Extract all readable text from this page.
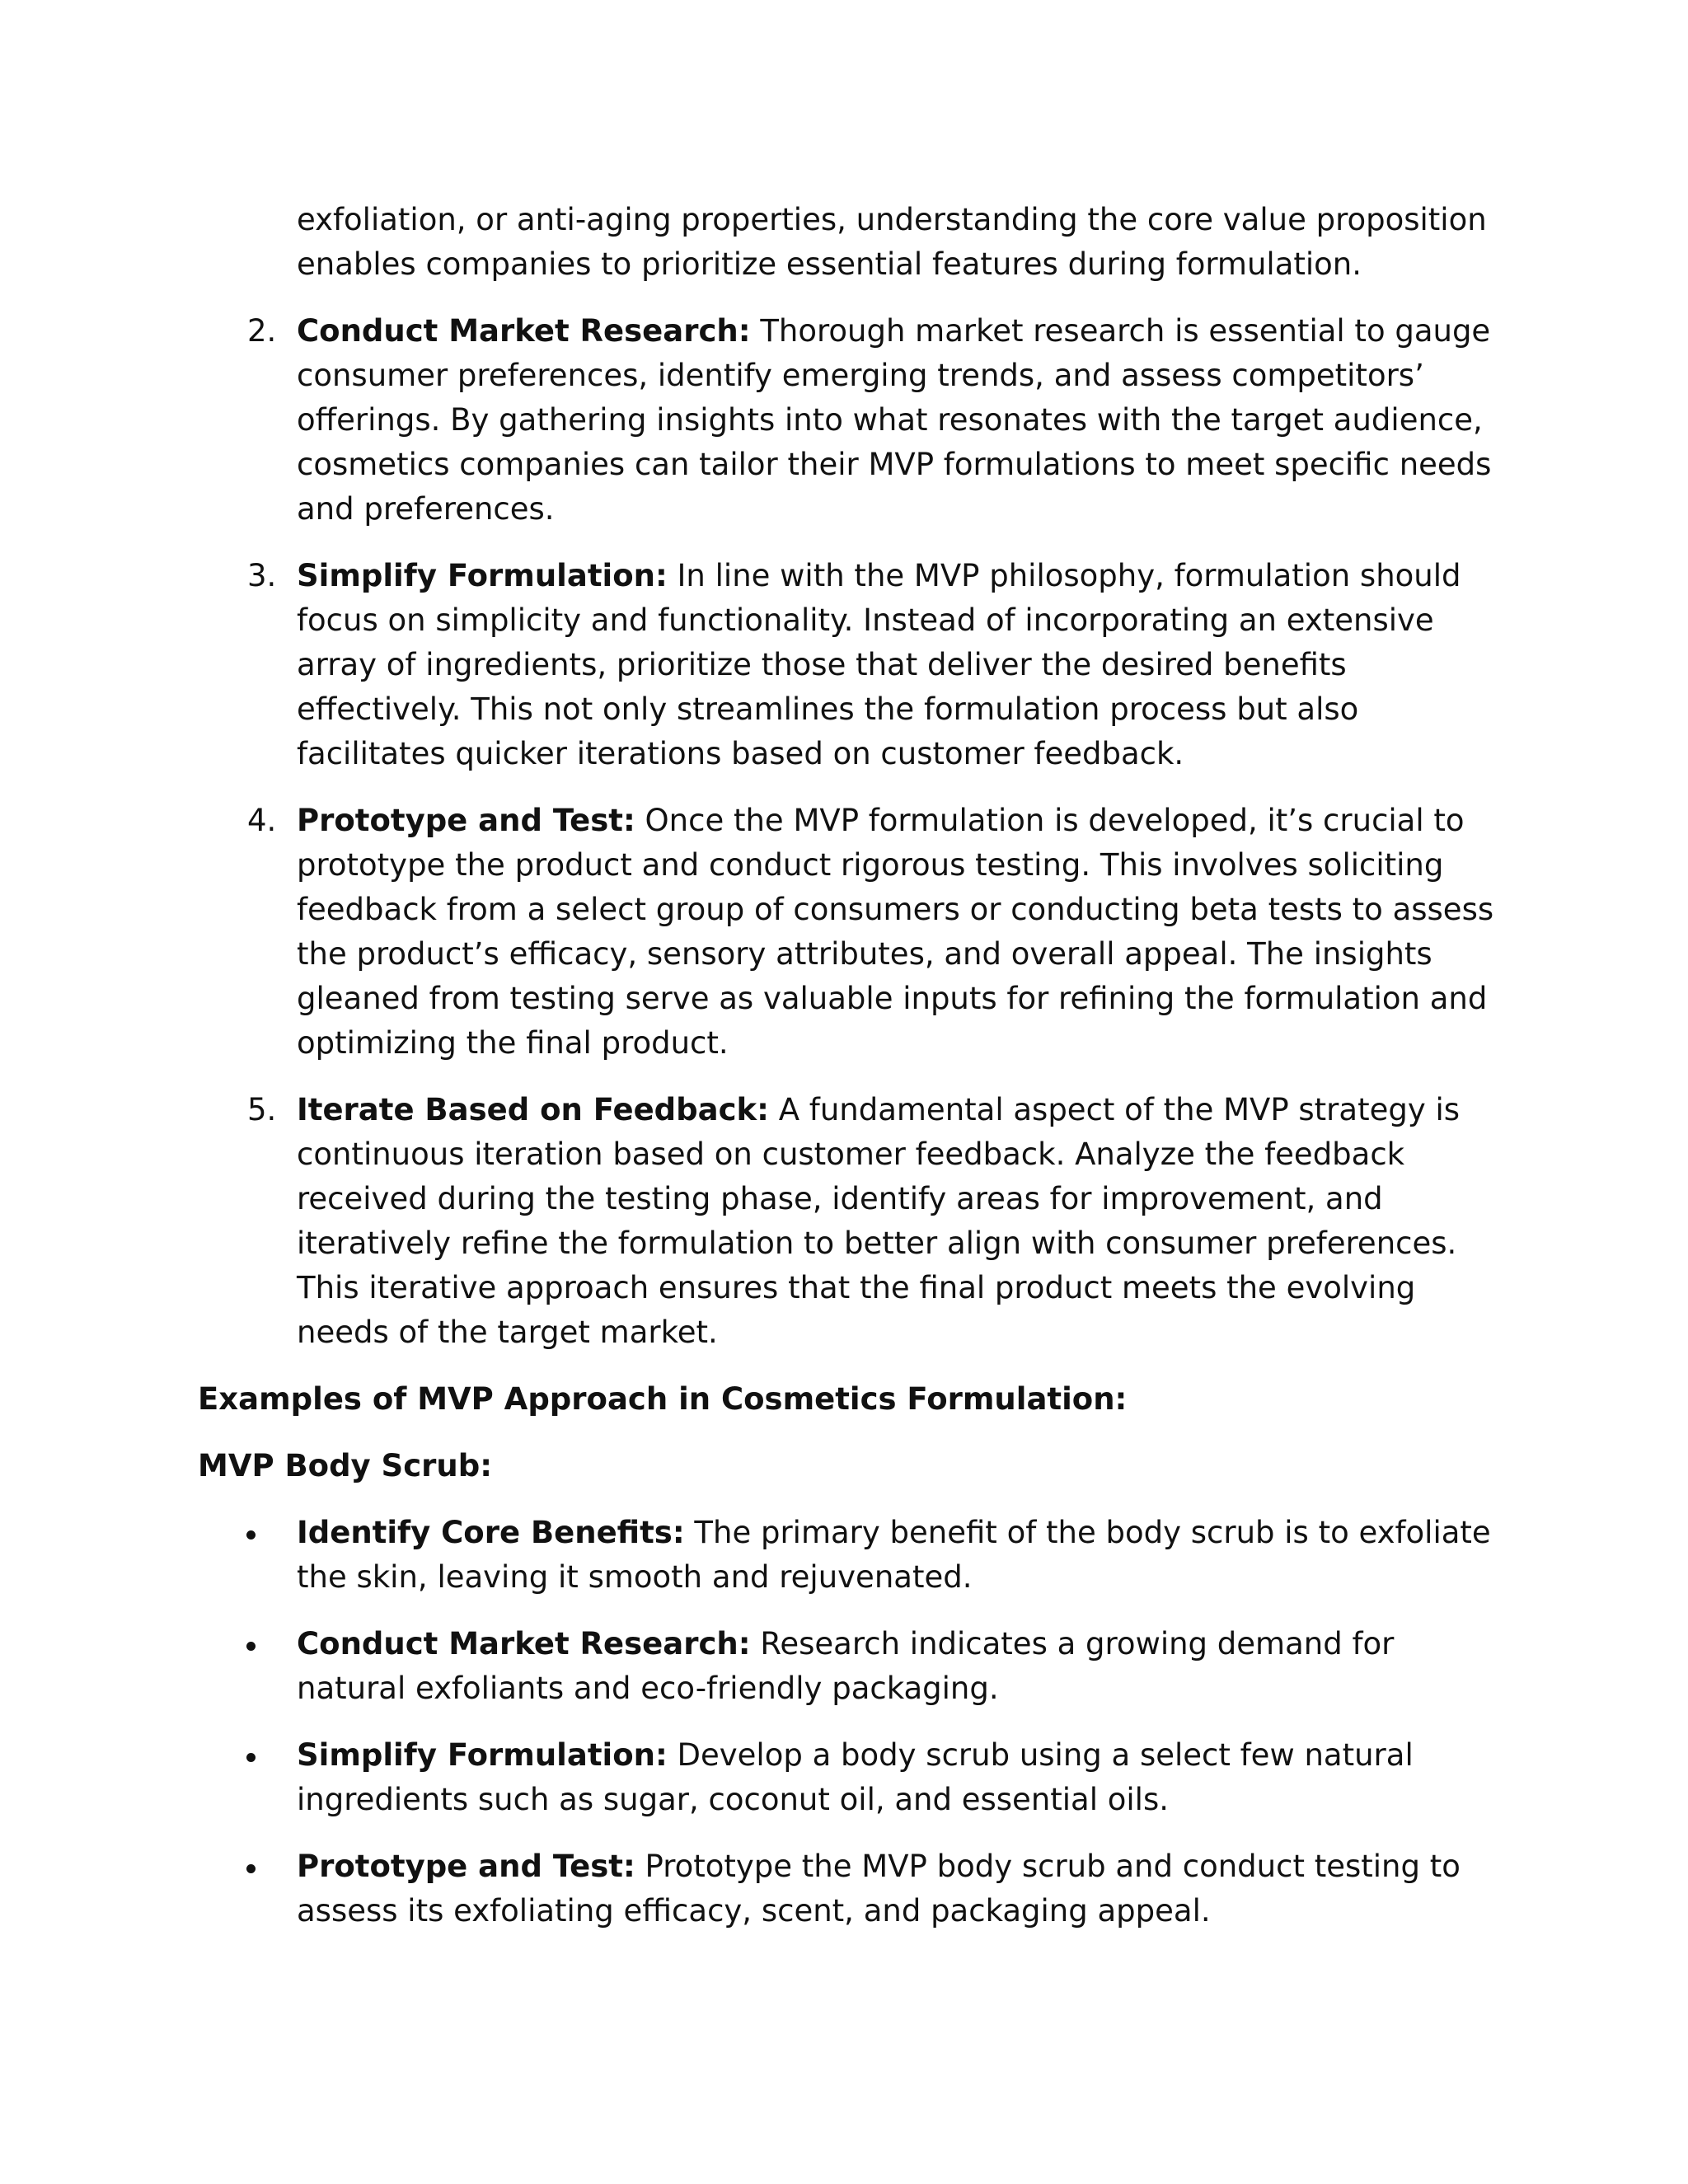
exfoliation, or anti-aging properties, understanding the core value proposition enables companies to prioritize essential features during formulation.

2. Conduct Market Research: Thorough market research is essential to gauge consumer preferences, identify emerging trends, and assess competitors’ offerings. By gathering insights into what resonates with the target audience, cosmetics companies can tailor their MVP formulations to meet specific needs and preferences.
3. Simplify Formulation: In line with the MVP philosophy, formulation should focus on simplicity and functionality. Instead of incorporating an extensive array of ingredients, prioritize those that deliver the desired benefits effectively. This not only streamlines the formulation process but also facilitates quicker iterations based on customer feedback.
4. Prototype and Test: Once the MVP formulation is developed, it’s crucial to prototype the product and conduct rigorous testing. This involves soliciting feedback from a select group of consumers or conducting beta tests to assess the product’s efficacy, sensory attributes, and overall appeal. The insights gleaned from testing serve as valuable inputs for refining the formulation and optimizing the final product.
5. Iterate Based on Feedback: A fundamental aspect of the MVP strategy is continuous iteration based on customer feedback. Analyze the feedback received during the testing phase, identify areas for improvement, and iteratively refine the formulation to better align with consumer preferences. This iterative approach ensures that the final product meets the evolving needs of the target market.

Examples of MVP Approach in Cosmetics Formulation:

MVP Body Scrub:

Identify Core Benefits: The primary benefit of the body scrub is to exfoliate the skin, leaving it smooth and rejuvenated.
Conduct Market Research: Research indicates a growing demand for natural exfoliants and eco-friendly packaging.
Simplify Formulation: Develop a body scrub using a select few natural ingredients such as sugar, coconut oil, and essential oils.
Prototype and Test: Prototype the MVP body scrub and conduct testing to assess its exfoliating efficacy, scent, and packaging appeal.
